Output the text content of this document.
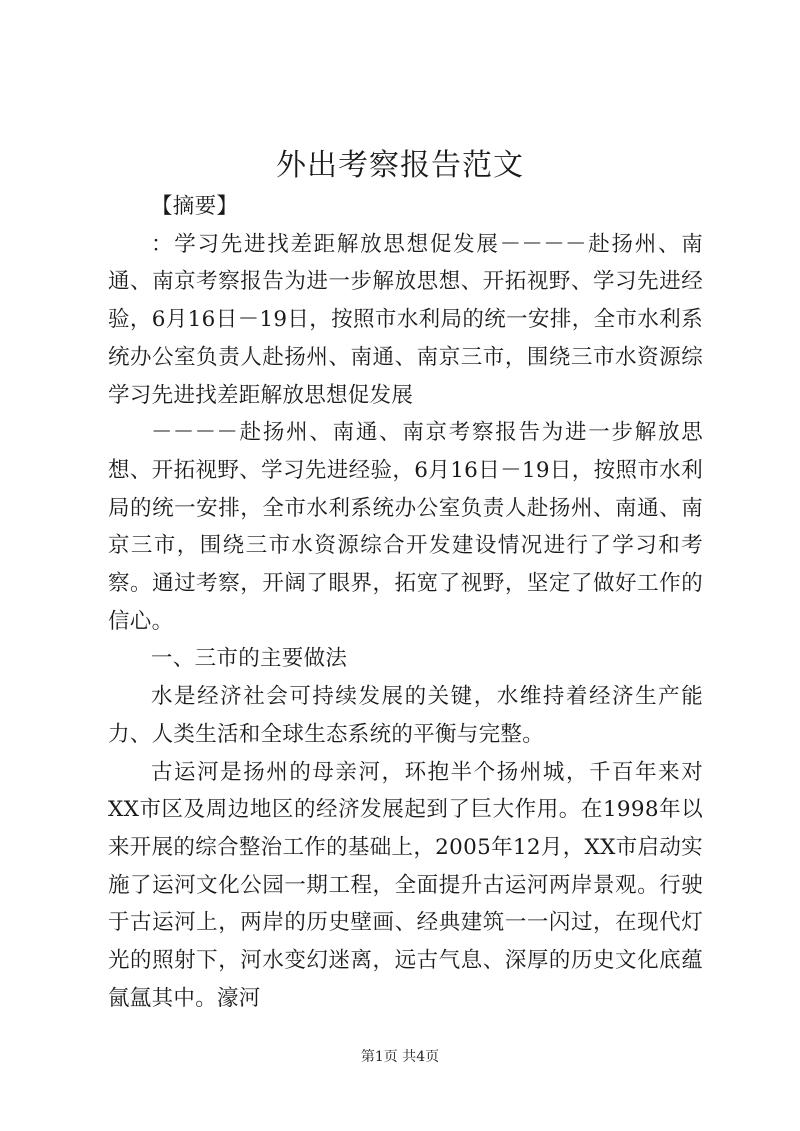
外出考察报告范文

【摘要】

：学习先进找差距解放思想促发展－－－－赴扬州、南通、南京考察报告为进一步解放思想、开拓视野、学习先进经验，6月16日－19日，按照市水利局的统一安排，全市水利系统办公室负责人赴扬州、南通、南京三市，围绕三市水资源综学习先进找差距解放思想促发展

－－－－赴扬州、南通、南京考察报告为进一步解放思想、开拓视野、学习先进经验，6月16日－19日，按照市水利局的统一安排，全市水利系统办公室负责人赴扬州、南通、南京三市，围绕三市水资源综合开发建设情况进行了学习和考察。通过考察，开阔了眼界，拓宽了视野，坚定了做好工作的信心。

一、三市的主要做法

水是经济社会可持续发展的关键，水维持着经济生产能力、人类生活和全球生态系统的平衡与完整。

古运河是扬州的母亲河，环抱半个扬州城，千百年来对XX市区及周边地区的经济发展起到了巨大作用。在1998年以来开展的综合整治工作的基础上，2005年12月，XX市启动实施了运河文化公园一期工程，全面提升古运河两岸景观。行驶于古运河上，两岸的历史壁画、经典建筑一一闪过，在现代灯光的照射下，河水变幻迷离，远古气息、深厚的历史文化底蕴氤氲其中。濠河

第1页 共4页
